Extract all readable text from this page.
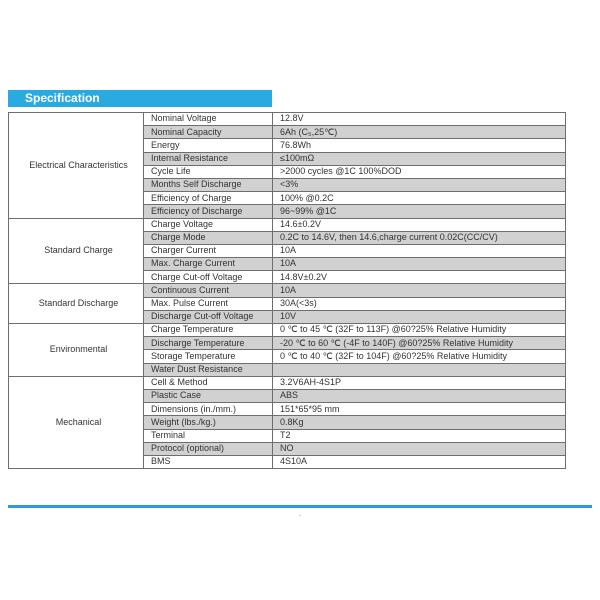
Specification
Electrical Characteristics	Nominal Voltage	12.8V
	Nominal Capacity	6Ah (C₅,25℃)
	Energy	76.8Wh
	Internal Resistance	≤100mΩ
	Cycle Life	>2000 cycles @1C 100%DOD
	Months Self Discharge	<3%
	Efficiency of Charge	100% @0.2C
	Efficiency of Discharge	96~99% @1C
Standard Charge	Charge Voltage	14.6±0.2V
	Charge Mode	0.2C to 14.6V, then 14.6,charge current 0.02C(CC/CV)
	Charger Current	10A
	Max. Charge Current	10A
	Charge Cut-off Voltage	14.8V±0.2V
Standard Discharge	Continuous Current	10A
	Max. Pulse Current	30A(<3s)
	Discharge Cut-off Voltage	10V
Environmental	Charge Temperature	0 ℃ to 45 ℃ (32F to 113F) @60?25% Relative Humidity
	Discharge Temperature	-20 ℃ to 60 ℃ (-4F to 140F) @60?25% Relative Humidity
	Storage Temperature	0 ℃ to 40 ℃ (32F to 104F) @60?25% Relative Humidity
	Water Dust Resistance	
Mechanical	Cell & Method	3.2V6AH-4S1P
	Plastic Case	ABS
	Dimensions (in./mm.)	151*65*95 mm
	Weight (lbs./kg.)	0.8Kg
	Terminal	T2
	Protocol (optional)	NO
	BMS	4S10A
-
